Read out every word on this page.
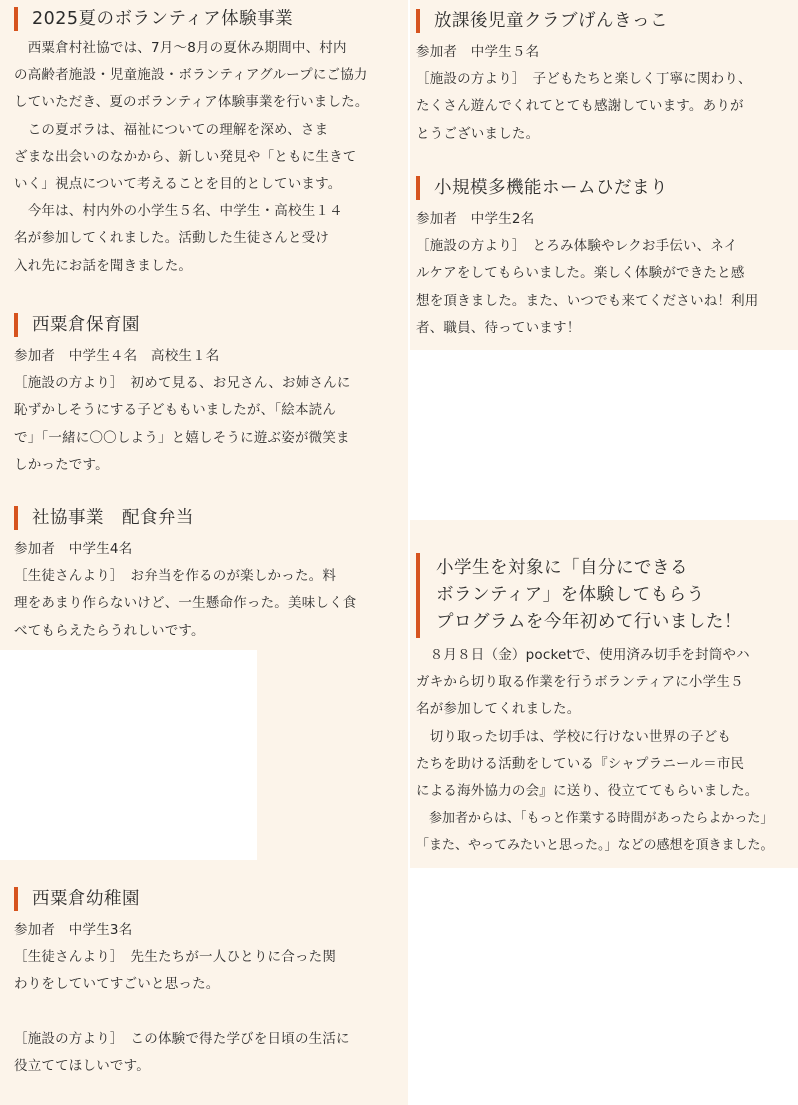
2025夏のボランティア体験事業

　西粟倉村社協では、7月～8月の夏休み期間中、村内

の高齢者施設・児童施設・ボランティアグループにご協力

していただき、夏のボランティア体験事業を行いました。

　この夏ボラは、福祉についての理解を深め、さま

ざまな出会いのなかから、新しい発見や「ともに生きて

いく」視点について考えることを目的としています。

　今年は、村内外の小学生５名、中学生・高校生１４

名が参加してくれました。活動した生徒さんと受け

入れ先にお話を聞きました。

西粟倉保育園

参加者　中学生４名　高校生１名

［施設の方より］　初めて見る、お兄さん、お姉さんに

恥ずかしそうにする子どももいましたが、「絵本読ん

で」「一緒に〇〇しよう」と嬉しそうに遊ぶ姿が微笑ま

しかったです。

社協事業　配食弁当

参加者　中学生4名

［生徒さんより］　お弁当を作るのが楽しかった。料

理をあまり作らないけど、一生懸命作った。美味しく食

べてもらえたらうれしいです。

西粟倉幼稚園

参加者　中学生3名

［生徒さんより］　先生たちが一人ひとりに合った関

わりをしていてすごいと思った。

［施設の方より］　この体験で得た学びを日頃の生活に

役立ててほしいです。

放課後児童クラブげんきっこ

参加者　中学生５名

［施設の方より］　子どもたちと楽しく丁寧に関わり、

たくさん遊んでくれてとても感謝しています。ありが

とうございました。

小規模多機能ホームひだまり

参加者　中学生2名

［施設の方より］　とろみ体験やレクお手伝い、ネイ

ルケアをしてもらいました。楽しく体験ができたと感

想を頂きました。また、いつでも来てくださいね！利用

者、職員、待っています！

小学生を対象に「自分にできる
ボランティア」を体験してもらう
プログラムを今年初めて行いました！

　８月８日（金）pocketで、使用済み切手を封筒やハ

ガキから切り取る作業を行うボランティアに小学生５

名が参加してくれました。

　切り取った切手は、学校に行けない世界の子ども

たちを助ける活動をしている『シャプラニール＝市民

による海外協力の会』に送り、役立ててもらいました。

　参加者からは、「もっと作業する時間があったらよかった」

「また、やってみたいと思った。」などの感想を頂きました。
